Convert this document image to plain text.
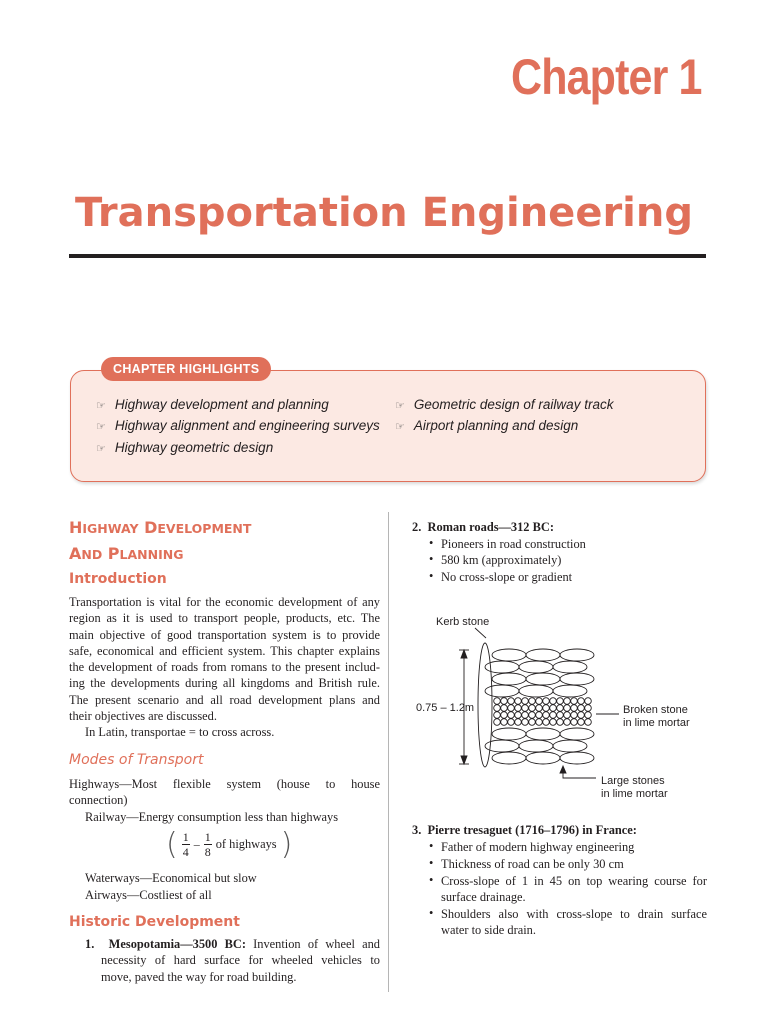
Chapter 1
Transportation Engineering
CHAPTER HIGHLIGHTS
☞ Highway development and planning
☞ Highway alignment and engineering surveys
☞ Highway geometric design
☞ Geometric design of railway track
☞ Airport planning and design
HIGHWAY DEVELOPMENT
AND PLANNING
Introduction
Transportation is vital for the economic development of any
region as it is used to transport people, products, etc. The
main objective of good transportation system is to provide
safe, economical and efficient system. This chapter explains
the development of roads from romans to the present includ-
ing the developments during all kingdoms and British rule.
The present scenario and all road development plans and
their objectives are discussed.
In Latin, transportae = to cross across.
Modes of Transport
Highways—Most flexible system (house to house
connection)
Railway—Energy consumption less than highways
( $\frac{1}{4} - \frac{1}{8}$ of highways )
Waterways—Economical but slow
Airways—Costliest of all
Historic Development
1. Mesopotamia—3500 BC: Invention of wheel and
necessity of hard surface for wheeled vehicles to
move, paved the way for road building.
2. Roman roads—312 BC:
• Pioneers in road construction
• 580 km (approximately)
• No cross-slope or gradient
Kerb stone
0.75 – 1.2m	Broken stone
in lime mortar
Large stones
in lime mortar
3. Pierre tresaguet (1716–1796) in France:
• Father of modern highway engineering
• Thickness of road can be only 30 cm
• Cross-slope of 1 in 45 on top wearing course for
surface drainage.
• Shoulders also with cross-slope to drain surface
water to side drain.
